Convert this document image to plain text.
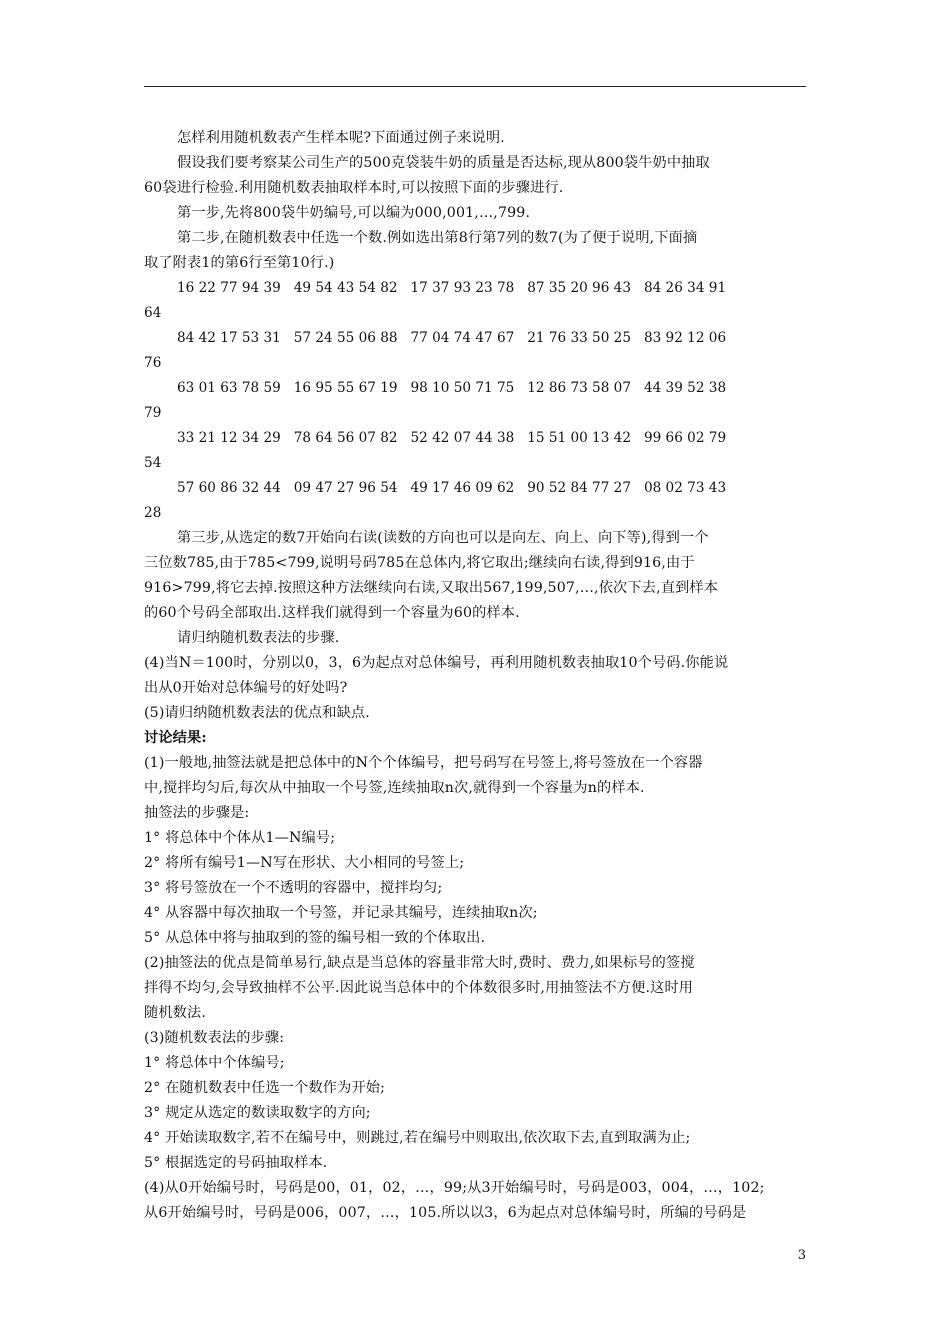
怎样利用随机数表产生样本呢?下面通过例子来说明.

假设我们要考察某公司生产的500克袋装牛奶的质量是否达标,现从800袋牛奶中抽取

60袋进行检验.利用随机数表抽取样本时,可以按照下面的步骤进行.

第一步,先将800袋牛奶编号,可以编为000,001,…,799.

第二步,在随机数表中任选一个数.例如选出第8行第7列的数7(为了便于说明,下面摘

取了附表1的第6行至第10行.)

16 22 77 94 39   49 54 43 54 82   17 37 93 23 78   87 35 20 96 43   84 26 34 91

64

84 42 17 53 31   57 24 55 06 88   77 04 74 47 67   21 76 33 50 25   83 92 12 06

76

63 01 63 78 59   16 95 55 67 19   98 10 50 71 75   12 86 73 58 07   44 39 52 38

79

33 21 12 34 29   78 64 56 07 82   52 42 07 44 38   15 51 00 13 42   99 66 02 79

54

57 60 86 32 44   09 47 27 96 54   49 17 46 09 62   90 52 84 77 27   08 02 73 43

28

第三步,从选定的数7开始向右读(读数的方向也可以是向左、向上、向下等),得到一个

三位数785,由于785<799,说明号码785在总体内,将它取出;继续向右读,得到916,由于

916>799,将它去掉.按照这种方法继续向右读,又取出567,199,507,…,依次下去,直到样本

的60个号码全部取出.这样我们就得到一个容量为60的样本.

请归纳随机数表法的步骤.

(4)当N＝100时，分别以0，3，6为起点对总体编号，再利用随机数表抽取10个号码.你能说

出从0开始对总体编号的好处吗?

(5)请归纳随机数表法的优点和缺点.

讨论结果:

(1)一般地,抽签法就是把总体中的N个个体编号，把号码写在号签上,将号签放在一个容器

中,搅拌均匀后,每次从中抽取一个号签,连续抽取n次,就得到一个容量为n的样本.

抽签法的步骤是:

1° 将总体中个体从1—N编号;

2° 将所有编号1—N写在形状、大小相同的号签上;

3° 将号签放在一个不透明的容器中，搅拌均匀;

4° 从容器中每次抽取一个号签，并记录其编号，连续抽取n次;

5° 从总体中将与抽取到的签的编号相一致的个体取出.

(2)抽签法的优点是简单易行,缺点是当总体的容量非常大时,费时、费力,如果标号的签搅

拌得不均匀,会导致抽样不公平.因此说当总体中的个体数很多时,用抽签法不方便.这时用

随机数法.

(3)随机数表法的步骤:

1° 将总体中个体编号;

2° 在随机数表中任选一个数作为开始;

3° 规定从选定的数读取数字的方向;

4° 开始读取数字,若不在编号中，则跳过,若在编号中则取出,依次取下去,直到取满为止;

5° 根据选定的号码抽取样本.

(4)从0开始编号时，号码是00，01，02，…，99;从3开始编号时，号码是003，004，…，102;

从6开始编号时，号码是006，007，…，105.所以以3，6为起点对总体编号时，所编的号码是

3
